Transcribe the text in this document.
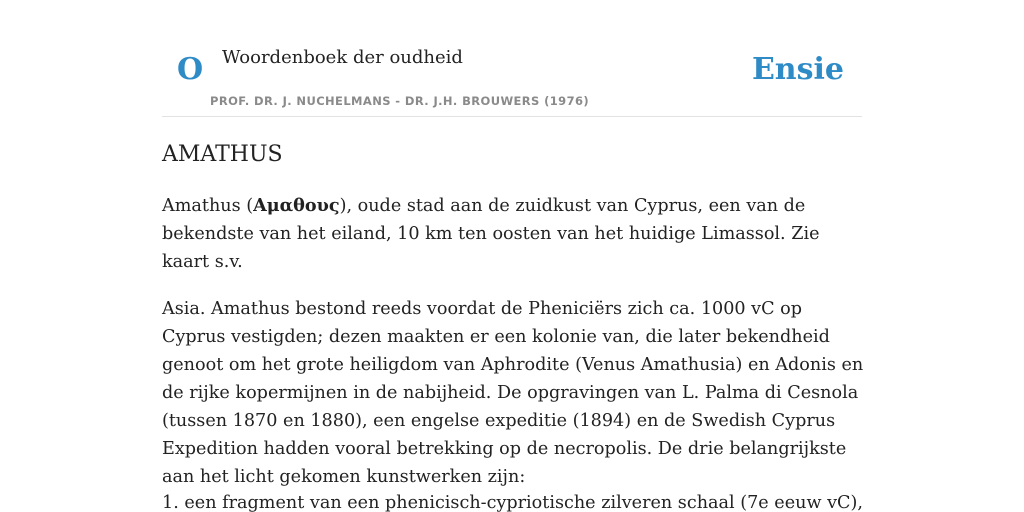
O Woordenboek der oudheid
PROF. DR. J. NUCHELMANS - DR. J.H. BROUWERS (1976)
Ensie
AMATHUS

Amathus (Αμαθους), oude stad aan de zuidkust van Cyprus, een van de bekendste van het eiland, 10 km ten oosten van het huidige Limassol. Zie kaart s.v.

Asia. Amathus bestond reeds voordat de Pheniciërs zich ca. 1000 vC op Cyprus vestigden; dezen maakten er een kolonie van, die later bekendheid genoot om het grote heiligdom van Aphrodite (Venus Amathusia) en Adonis en de rijke kopermijnen in de nabijheid. De opgravingen van L. Palma di Cesnola (tussen 1870 en 1880), een engelse expeditie (1894) en de Swedish Cyprus Expedition hadden vooral betrekking op de necropolis. De drie belangrijkste aan het licht gekomen kunstwerken zijn:

1. een fragment van een phenicisch-cypriotische zilveren schaal (7e eeuw vC),
